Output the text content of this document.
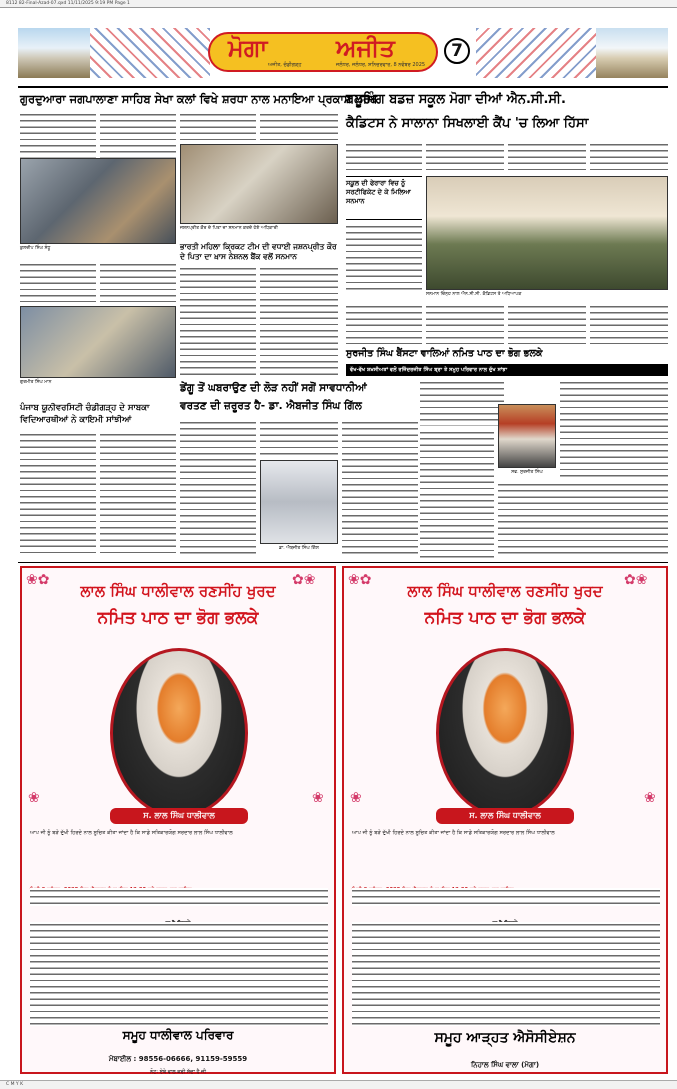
8112 82-Final-Azad-07.qxd 11/11/2025 9:19 PM Page 1
ਮੋਗਾ	ਅਜੀਤ	7
ਅਜੀਤ, ਚੰਡੀਗੜ੍ਹ	ਜਲੰਧਰ, ਜਲੰਧਰ, ਸ਼ਨਿਚਰਵਾਰ, 8 ਨਵੰਬਰ 2025
ਗੁਰਦੁਆਰਾ ਜਗਪਾਲਾਣਾ ਸਾਹਿਬ ਸੇਖਾ ਕਲਾਂ ਵਿਖੇ ਸ਼ਰਧਾ ਨਾਲ ਮਨਾਇਆ ਪ੍ਰਕਾਸ਼ ਪੁਰਬ
ਕੁਲਦੀਪ ਸਿੰਘ ਸੰਧੂ
ਗੁਰਮੀਤ ਸਿੰਘ ਮਾਨ
ਪੰਜਾਬ ਯੂਨੀਵਰਸਿਟੀ ਚੰਡੀਗੜ੍ਹ ਦੇ ਸਾਬਕਾ ਵਿਦਿਆਰਥੀਆਂ ਨੇ ਕਾਇਮੀ ਸਾਂਝੀਆਂ
ਜਸ਼ਨਪ੍ਰੀਤ ਕੌਰ ਦੇ ਪਿਤਾ ਦਾ ਸਨਮਾਨ ਕਰਦੇ ਹੋਏ ਅਧਿਕਾਰੀ
ਭਾਰਤੀ ਮਹਿਲਾ ਕ੍ਰਿਕਟ ਟੀਮ ਦੀ ਵਧਾਈ ਜਸ਼ਨਪ੍ਰੀਤ ਕੌਰ ਦੇ ਪਿਤਾ ਦਾ ਖ਼ਾਸ ਨੇਸ਼ਨਲ ਬੈਂਕ ਵਲੋਂ ਸਨਮਾਨ
ਡੇਂਗੂ ਤੋਂ ਘਬਰਾਉਣ ਦੀ ਲੋੜ ਨਹੀਂ ਸਗੋਂ ਸਾਵਧਾਨੀਆਂ
ਵਰਤਣ ਦੀ ਜ਼ਰੂਰਤ ਹੈ- ਡਾ. ਐਬਜੀਤ ਸਿੰਘ ਗਿੱਲ
ਡਾ. ਐਬਜੀਤ ਸਿੰਘ ਗਿੱਲ
ਬਲੂਮਿੰਗ ਬਡਜ਼ ਸਕੂਲ ਮੋਗਾ ਦੀਆਂ ਐਨ.ਸੀ.ਸੀ.
ਕੈਡਿਟਸ ਨੇ ਸਾਲਾਨਾ ਸਿਖਲਾਈ ਕੈਂਪ 'ਚ ਲਿਆ ਹਿੱਸਾ
ਸਕੂਲ ਦੀ ਫੇਰਾਰਾ ਵਿਚ ਨੂੰ ਸਰਟੀਫਿਕੇਟ ਦੇ ਕੇ ਮਿਲਿਆ ਸਨਮਾਨ
ਸਨਮਾਨ ਚਿੰਨ੍ਹ ਨਾਲ ਐਨ.ਸੀ.ਸੀ. ਕੈਡਿਟਸ ਤੇ ਅਧਿਆਪਕ
ਸੁਰਜੀਤ ਸਿੰਘ ਬੈਂਸਟਾ ਵਾਲਿਆਂ ਨਮਿਤ ਪਾਠ ਦਾ ਭੋਗ ਭਲਕੇ
ਵੱਖ-ਵੱਖ ਸ਼ਖ਼ਸੀਅਤਾਂ ਵਲੋਂ ਰਜਿੰਦਰਜੀਤ ਸਿੰਘ ਬ੍ਰਾ ਤੇ ਸਮੂਹ ਪਰਿਵਾਰ ਨਾਲ ਦੁੱਖ ਸਾਂਝਾ
ਸਵ. ਸੁਰਜੀਤ ਸਿੰਘ
ਲਾਲ ਸਿੰਘ ਧਾਲੀਵਾਲ ਰਣਸੀਂਹ ਖੁਰਦ
ਨਮਿਤ ਪਾਠ ਦਾ ਭੋਗ ਭਲਕੇ
❀✿	✿❀
❀	❀
ਸ. ਲਾਲ ਸਿੰਘ ਧਾਲੀਵਾਲ
ਆਪ ਜੀ ਨੂੰ ਬੜੇ ਦੁੱਖੀ ਹਿਰਦੇ ਨਾਲ ਸੂਚਿਤ ਕੀਤਾ ਜਾਂਦਾ ਹੈ ਕਿ ਸਾਡੇ ਸਤਿਕਾਰਯੋਗ ਸਰਦਾਰ ਲਾਲ ਸਿੰਘ ਧਾਲੀਵਾਲ
ਸਮੂਹ ਧਾਲੀਵਾਲ ਪਰਿਵਾਰ
ਮੋਬਾਈਲ : 98556-06666, 91159-59559
ਨੋਟ: ਏਥੇ ਵਾਲ ਕਰੀ ਸੱਦਾ ਹੈ ਜੀ
ਲਾਲ ਸਿੰਘ ਧਾਲੀਵਾਲ ਰਣਸੀਂਹ ਖੁਰਦ
ਨਮਿਤ ਪਾਠ ਦਾ ਭੋਗ ਭਲਕੇ
❀✿	✿❀
❀	❀
ਸ. ਲਾਲ ਸਿੰਘ ਧਾਲੀਵਾਲ
ਆਪ ਜੀ ਨੂੰ ਬੜੇ ਦੁੱਖੀ ਹਿਰਦੇ ਨਾਲ ਸੂਚਿਤ ਕੀਤਾ ਜਾਂਦਾ ਹੈ ਕਿ ਸਾਡੇ ਸਤਿਕਾਰਯੋਗ ਸਰਦਾਰ ਲਾਲ ਸਿੰਘ ਧਾਲੀਵਾਲ
ਸਮੂਹ ਆੜ੍ਹਤ ਐਸੋਸੀਏਸ਼ਨ
ਨਿਹਾਲ ਸਿੰਘ ਵਾਲਾ (ਮੋਗਾ)
C M Y K
